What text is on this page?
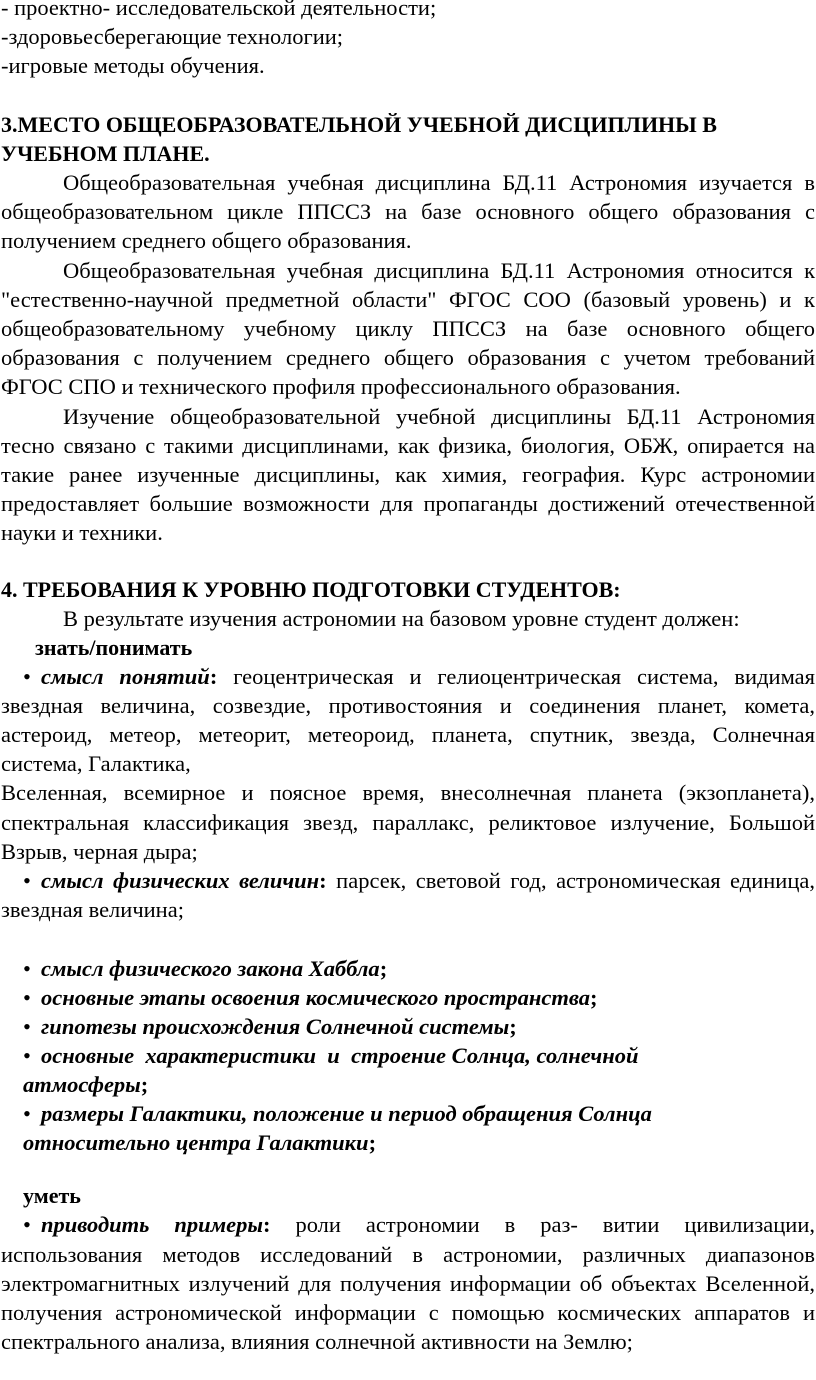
- проектно- исследовательской деятельности;
-здоровьесберегающие технологии;
-игровые методы обучения.
3.МЕСТО ОБЩЕОБРАЗОВАТЕЛЬНОЙ УЧЕБНОЙ ДИСЦИПЛИНЫ В УЧЕБНОМ ПЛАНЕ.

Общеобразовательная учебная дисциплина БД.11 Астрономия изучается в общеобразовательном цикле ППССЗ на базе основного общего образования с получением среднего общего образования.

Общеобразовательная учебная дисциплина БД.11 Астрономия относится к "естественно-научной предметной области" ФГОС СОО (базовый уровень) и к общеобразовательному учебному циклу ППССЗ на базе основного общего образования с получением среднего общего образования с учетом требований ФГОС СПО и технического профиля профессионального образования.

Изучение общеобразовательной учебной дисциплины БД.11 Астрономия тесно связано с такими дисциплинами, как физика, биология, ОБЖ, опирается на такие ранее изученные дисциплины, как химия, география. Курс астрономии предоставляет большие возможности для пропаганды достижений отечественной науки и техники.

4. ТРЕБОВАНИЯ К УРОВНЮ ПОДГОТОВКИ СТУДЕНТОВ:
В результате изучения астрономии на базовом уровне студент должен:
знать/понимать

• смысл понятий: геоцентрическая и гелиоцентрическая система, видимая звездная величина, созвездие, противостояния и соединения планет, комета, астероид, метеор, метеорит, метеороид, планета, спутник, звезда, Солнечная система, Галактика,

Вселенная, всемирное и поясное время, внесолнечная планета (экзопланета), спектральная классификация звезд, параллакс, реликтовое излучение, Большой Взрыв, черная дыра;

• смысл физических величин: парсек, световой год, астрономическая единица, звездная величина;

• смысл физического закона Хаббла;
• основные этапы освоения космического пространства;
• гипотезы происхождения Солнечной системы;
• основные  характеристики  и  строение Солнца, солнечной
атмосферы;
• размеры Галактики, положение и период обращения Солнца
относительно центра Галактики;
уметь

• приводить примеры: роли астрономии в раз- витии цивилизации, использования методов исследований в астрономии, различных диапазонов электромагнитных излучений для получения информации об объектах Вселенной, получения астрономической информации с помощью космических аппаратов и спектрального анализа, влияния солнечной активности на Землю;
